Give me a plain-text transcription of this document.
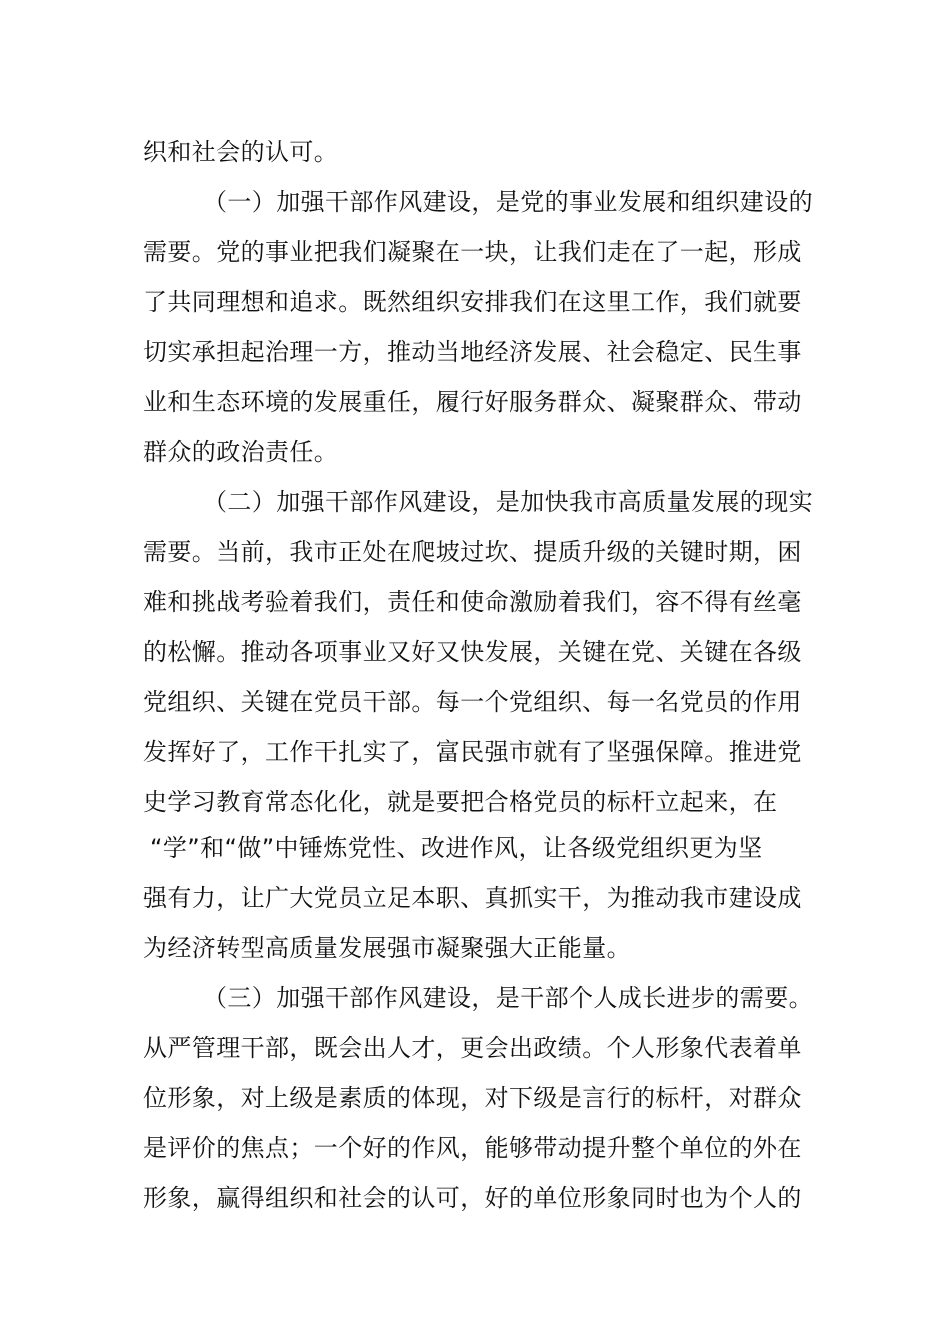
织和社会的认可。
（一）加强干部作风建设，是党的事业发展和组织建设的
需要。党的事业把我们凝聚在一块，让我们走在了一起，形成
了共同理想和追求。既然组织安排我们在这里工作，我们就要
切实承担起治理一方，推动当地经济发展、社会稳定、民生事
业和生态环境的发展重任，履行好服务群众、凝聚群众、带动
群众的政治责任。
（二）加强干部作风建设，是加快我市高质量发展的现实
需要。当前，我市正处在爬坡过坎、提质升级的关键时期，困
难和挑战考验着我们，责任和使命激励着我们，容不得有丝毫
的松懈。推动各项事业又好又快发展，关键在党、关键在各级
党组织、关键在党员干部。每一个党组织、每一名党员的作用
发挥好了，工作干扎实了，富民强市就有了坚强保障。推进党
史学习教育常态化化，就是要把合格党员的标杆立起来，在
“学”和“做”中锤炼党性、改进作风，让各级党组织更为坚
强有力，让广大党员立足本职、真抓实干，为推动我市建设成
为经济转型高质量发展强市凝聚强大正能量。
（三）加强干部作风建设，是干部个人成长进步的需要。
从严管理干部，既会出人才，更会出政绩。个人形象代表着单
位形象，对上级是素质的体现，对下级是言行的标杆，对群众
是评价的焦点；一个好的作风，能够带动提升整个单位的外在
形象，赢得组织和社会的认可，好的单位形象同时也为个人的
